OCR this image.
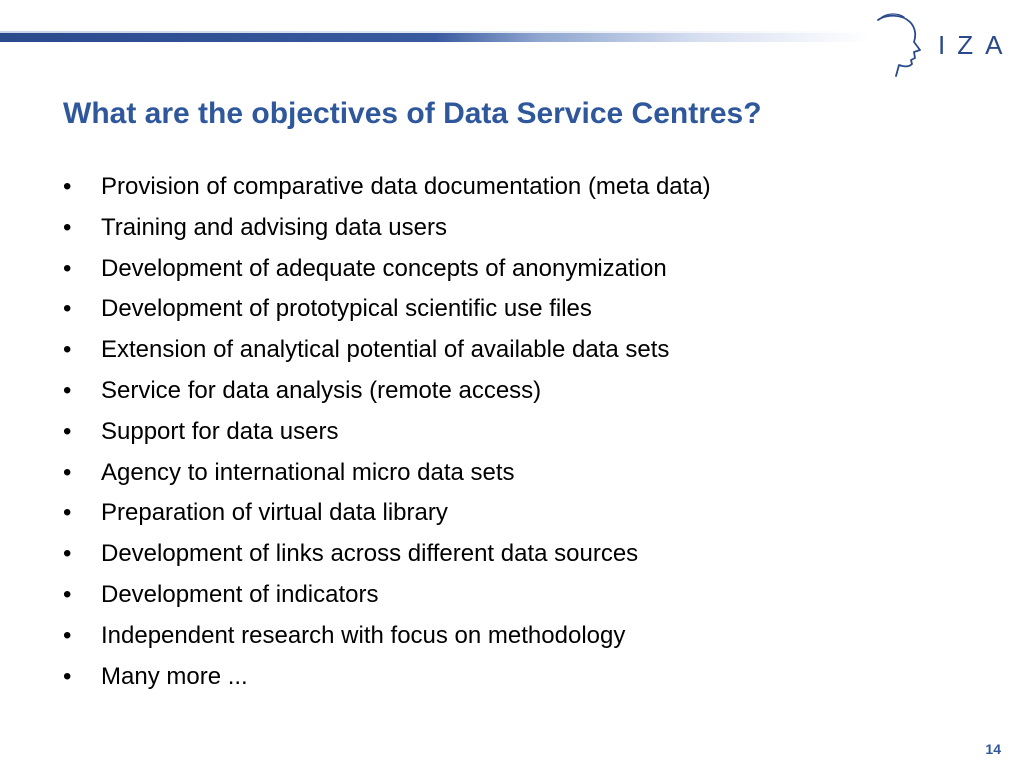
IZA
What are the objectives of Data Service Centres?
•	Provision of comparative data documentation (meta data)
•	Training and advising data users
•	Development of adequate concepts of anonymization
•	Development of prototypical scientific use files
•	Extension of analytical potential of available data sets
•	Service for data analysis (remote access)
•	Support for data users
•	Agency to international micro data sets
•	Preparation of virtual data library
•	Development of links across different data sources
•	Development of indicators
•	Independent research with focus on methodology
•	Many more ...
14
